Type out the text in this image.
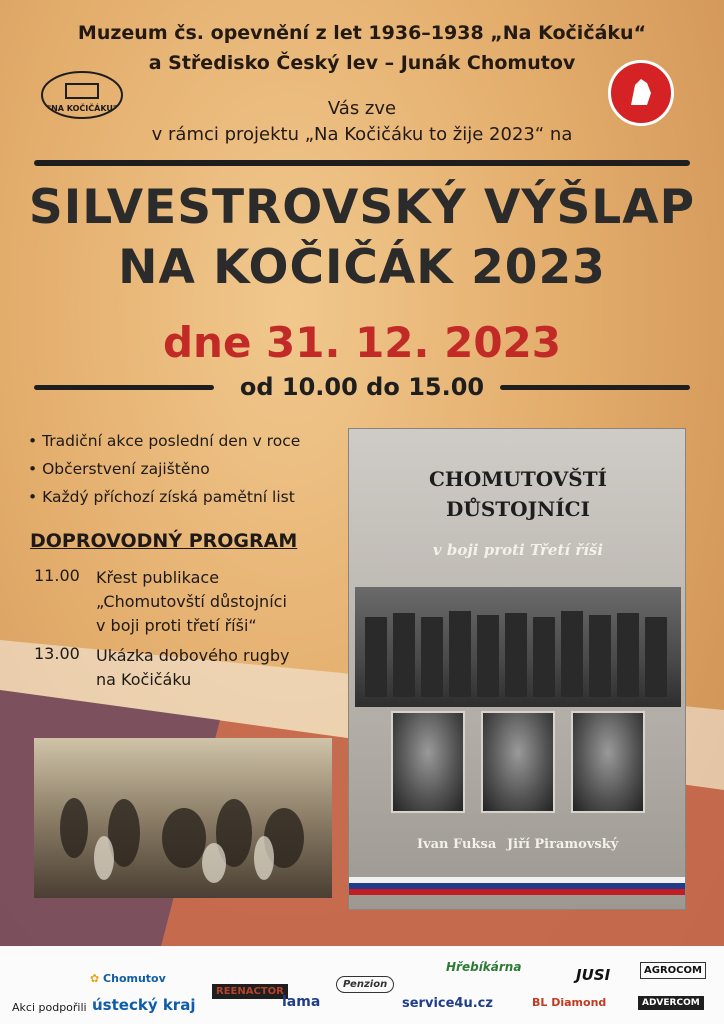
Muzeum čs. opevnění z let 1936–1938 „Na Kočičáku“
a Středisko Český lev – Junák Chomutov
"NA KOČIČÁKU"	Vás zve
v rámci projektu „Na Kočičáku to žije 2023“ na
SILVESTROVSKÝ VÝŠLAP
NA KOČIČÁK 2023
dne 31. 12. 2023
od 10.00 do 15.00
• Tradiční akce poslední den v roce
• Občerstvení zajištěno
• Každý příchozí získá pamětní list
DOPROVODNÝ PROGRAM
11.00	Křest publikace
„Chomutovští důstojníci
v boji proti třetí říši“
13.00	Ukázka dobového rugby
na Kočičáku
CHOMUTOVŠTÍ
DŮSTOJNÍCI
v boji proti Třetí říši
Ivan Fuksa Jiří Piramovský
Akci podpořili
✿ Chomutov
ústecký kraj
REENACTOR
lama
Penzion
Hřebíkárna
service4u.cz	BL Diamond
JUSI	AGROCOM
ADVERCOM
